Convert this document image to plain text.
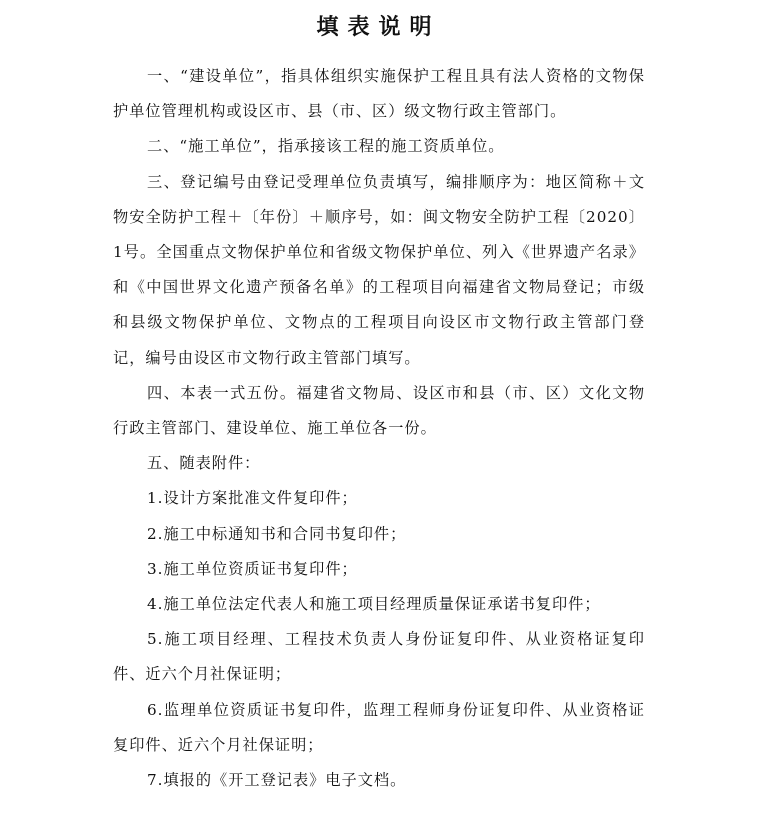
填表说明

一、“建设单位”，指具体组织实施保护工程且具有法人资格的文物保护单位管理机构或设区市、县（市、区）级文物行政主管部门。

二、“施工单位”，指承接该工程的施工资质单位。

三、登记编号由登记受理单位负责填写，编排顺序为：地区简称＋文物安全防护工程＋〔年份〕＋顺序号，如：闽文物安全防护工程〔2020〕1号。全国重点文物保护单位和省级文物保护单位、列入《世界遗产名录》和《中国世界文化遗产预备名单》的工程项目向福建省文物局登记；市级和县级文物保护单位、文物点的工程项目向设区市文物行政主管部门登记，编号由设区市文物行政主管部门填写。

四、本表一式五份。福建省文物局、设区市和县（市、区）文化文物行政主管部门、建设单位、施工单位各一份。

五、随表附件：

1.设计方案批准文件复印件；

2.施工中标通知书和合同书复印件；

3.施工单位资质证书复印件；

4.施工单位法定代表人和施工项目经理质量保证承诺书复印件；

5.施工项目经理、工程技术负责人身份证复印件、从业资格证复印件、近六个月社保证明；

6.监理单位资质证书复印件，监理工程师身份证复印件、从业资格证复印件、近六个月社保证明；

7.填报的《开工登记表》电子文档。
